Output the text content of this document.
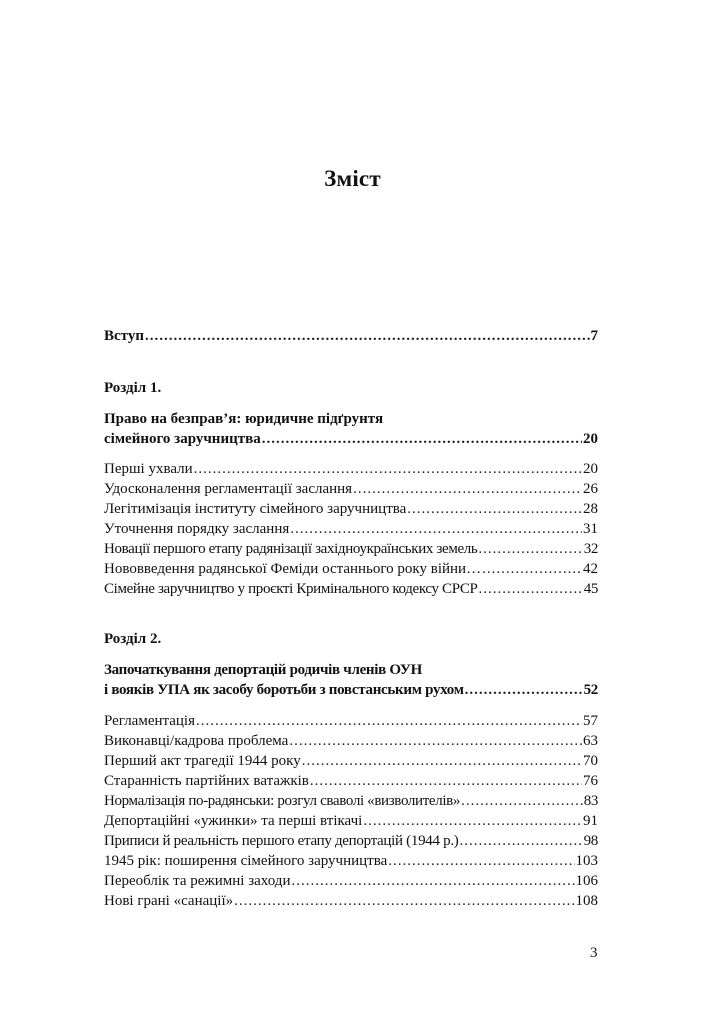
Зміст
Вступ .....	7
Розділ 1.
Право на безправ’я: юридичне підґрунтя
сімейного заручництва .....	20
Перші ухвали .....	20
Удосконалення регламентації заслання .....	26
Легітимізація інституту сімейного заручництва .....	28
Уточнення порядку заслання .....	31
Новації першого етапу радянізації західноукраїнських земель .....	32
Нововведення радянської Феміди останнього року війни… .....	42
Сімейне заручництво у проєкті Кримінального кодексу СРСР .....	45
Розділ 2.
Започаткування депортацій родичів членів ОУН
і вояків УПА як засобу боротьби з повстанським рухом .....	52
Регламентація .....	57
Виконавці/кадрова проблема .....	63
Перший акт трагедії 1944 року .....	70
Старанність партійних ватажків .....	76
Нормалізація по-радянськи: розгул сваволі «визволителів» .....	83
Депортаційні «ужинки» та перші втікачі .....	91
Приписи й реальність першого етапу депортацій (1944 р.) .....	98
1945 рік: поширення сімейного заручництва .....	103
Переоблік та режимні заходи .....	106
Нові грані «санації» .....	108
3
